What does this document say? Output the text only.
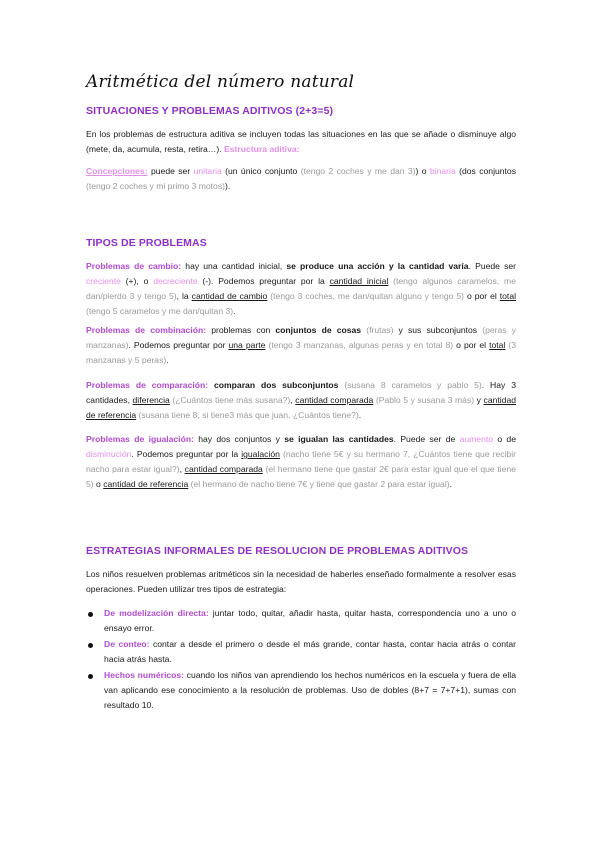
Aritmética del número natural
SITUACIONES Y PROBLEMAS ADITIVOS (2+3=5)
En los problemas de estructura aditiva se incluyen todas las situaciones en las que se añade o disminuye algo (mete, da, acumula, resta, retira…). Estructura aditiva:
Concepciones: puede ser unitaria (un único conjunto (tengo 2 coches y me dan 3)) o binaria (dos conjuntos (tengo 2 coches y mi primo 3 motos)).
TIPOS DE PROBLEMAS
Problemas de cambio: hay una cantidad inicial, se produce una acción y la cantidad varía. Puede ser creciente (+), o decreciente (-). Podemos preguntar por la cantidad inicial (tengo algunos caramelos, me dan/pierdo 3 y tengo 5), la cantidad de cambio (tengo 3 coches, me dan/quitan alguno y tengo 5) o por el total (tengo 5 caramelos y me dan/quitan 3).
Problemas de combinación: problemas con conjuntos de cosas (frutas) y sus subconjuntos (peras y manzanas). Podemos preguntar por una parte (tengo 3 manzanas, algunas peras y en total 8) o por el total (3 manzanas y 5 peras).
Problemas de comparación: comparan dos subconjuntos (susana 8 caramelos y pablo 5). Hay 3 cantidades, diferencia (¿Cuántos tiene más susana?), cantidad comparada (Pablo 5 y susana 3 más) y cantidad de referencia (susana tiene 8, si tiene3 más que juan, ¿Cuántos tiene?).
Problemas de igualación: hay dos conjuntos y se igualan las cantidades. Puede ser de aumento o de disminución. Podemos preguntar por la igualación (nacho tiene 5€ y su hermano 7, ¿Cuántos tiene que recibir nacho para estar igual?), cantidad comparada (el hermano tiene que gastar 2€ para estar igual que el que tiene 5) o cantidad de referencia (el hermano de nacho tiene 7€ y tiene que gastar 2 para estar igual).
ESTRATEGIAS INFORMALES DE RESOLUCION DE PROBLEMAS ADITIVOS
Los niños resuelven problemas aritméticos sin la necesidad de haberles enseñado formalmente a resolver esas operaciones. Pueden utilizar tres tipos de estrategia:
De modelización directa: juntar todo, quitar, añadir hasta, quitar hasta, correspondencia uno a uno o ensayo error.
De conteo: contar a desde el primero o desde el más grande, contar hasta, contar hacia atrás o contar hacia atrás hasta.
Hechos numéricos: cuando los niños van aprendiendo los hechos numéricos en la escuela y fuera de ella van aplicando ese conocimiento a la resolución de problemas. Uso de dobles (8+7 = 7+7+1), sumas con resultado 10.
